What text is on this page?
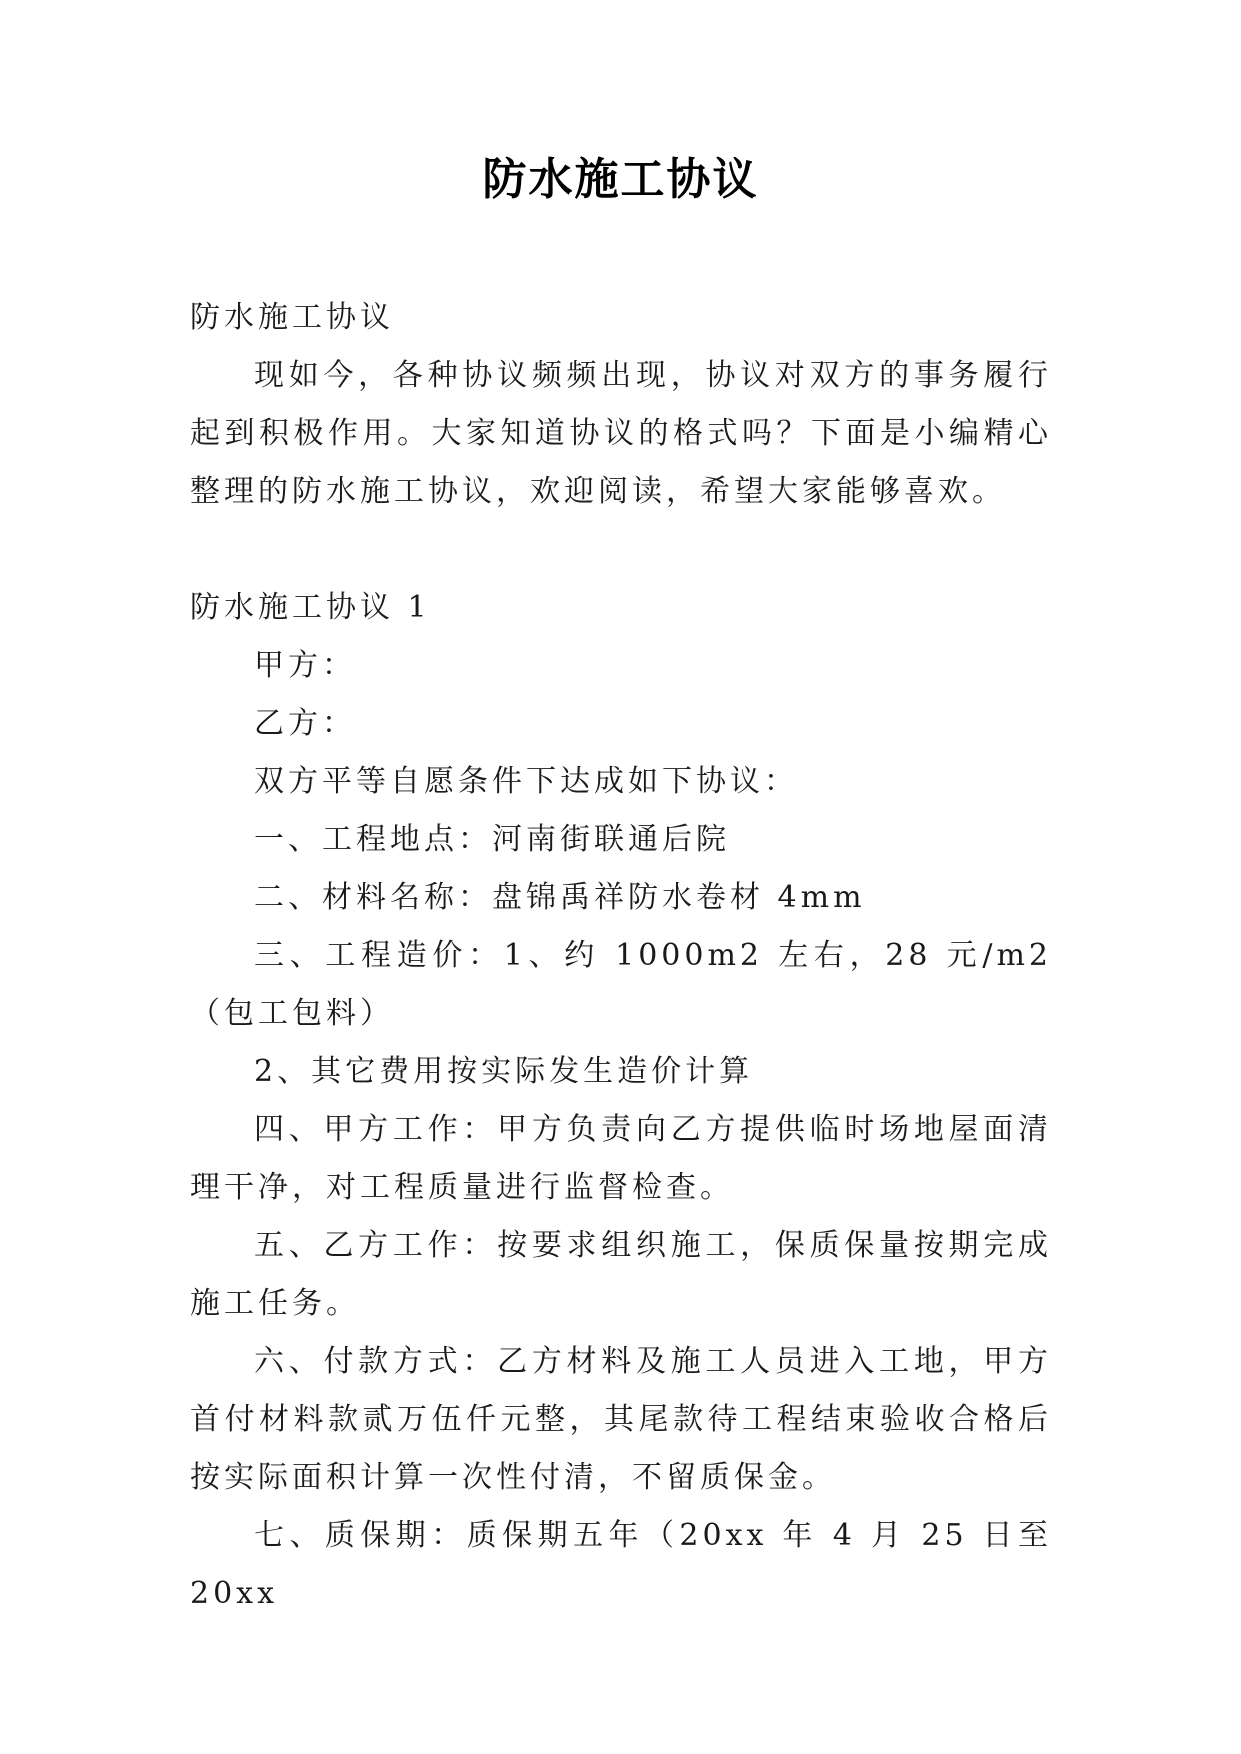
防水施工协议

防水施工协议

现如今，各种协议频频出现，协议对双方的事务履行起到积极作用。大家知道协议的格式吗？下面是小编精心整理的防水施工协议，欢迎阅读，希望大家能够喜欢。

防水施工协议 1

甲方：

乙方：

双方平等自愿条件下达成如下协议：

一、工程地点：河南街联通后院

二、材料名称：盘锦禹祥防水卷材 4mm

三、工程造价：1、约 1000m2 左右，28 元/m2（包工包料）

2、其它费用按实际发生造价计算

四、甲方工作：甲方负责向乙方提供临时场地屋面清理干净，对工程质量进行监督检查。

五、乙方工作：按要求组织施工，保质保量按期完成施工任务。

六、付款方式：乙方材料及施工人员进入工地，甲方首付材料款贰万伍仟元整，其尾款待工程结束验收合格后按实际面积计算一次性付清，不留质保金。

七、质保期：质保期五年（20xx 年 4 月 25 日至 20xx
